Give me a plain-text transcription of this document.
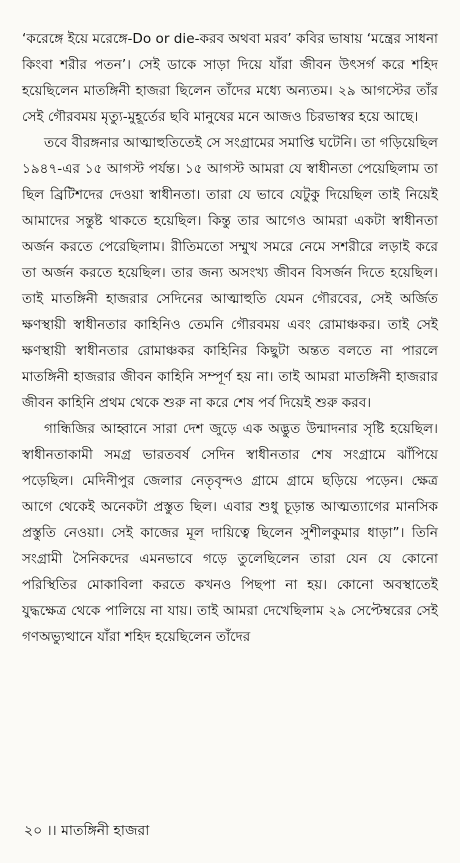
‘করেঙ্গে ইয়ে মরেঙ্গে-Do or die-করব অথবা মরব’ কবির ভাষায় ‘মন্ত্রের সাধনা কিংবা শরীর পতন’। সেই ডাকে সাড়া দিয়ে যাঁরা জীবন উৎসর্গ করে শহিদ হয়েছিলেন মাতঙ্গিনী হাজরা ছিলেন তাঁদের মধ্যে অন্যতম। ২৯ আগস্টের তাঁর সেই গৌরবময় মৃত্যু-মুহূর্তের ছবি মানুষের মনে আজও চিরভাস্বর হয়ে আছে।

তবে বীরঙ্গনার আত্মাহুতিতেই সে সংগ্রামের সমাপ্তি ঘটেনি। তা গড়িয়েছিল ১৯৪৭-এর ১৫ আগস্ট পর্যন্ত। ১৫ আগস্ট আমরা যে স্বাধীনতা পেয়েছিলাম তা ছিল ব্রিটিশদের দেওয়া স্বাধীনতা। তারা যে ভাবে যেটুকু দিয়েছিল তাই নিয়েই আমাদের সন্তুষ্ট থাকতে হয়েছিল। কিন্তু তার আগেও আমরা একটা স্বাধীনতা অর্জন করতে পেরেছিলাম। রীতিমতো সম্মুখ সমরে নেমে সশরীরে লড়াই করে তা অর্জন করতে হয়েছিল। তার জন্য অসংখ্য জীবন বিসর্জন দিতে হয়েছিল। তাই মাতঙ্গিনী হাজরার সেদিনের আত্মাহুতি যেমন গৌরবের, সেই অর্জিত ক্ষণস্থায়ী স্বাধীনতার কাহিনিও তেমনি গৌরবময় এবং রোমাঞ্চকর। তাই সেই ক্ষণস্থায়ী স্বাধীনতার রোমাঞ্চকর কাহিনির কিছুটা অন্তত বলতে না পারলে মাতঙ্গিনী হাজরার জীবন কাহিনি সম্পূর্ণ হয় না। তাই আমরা মাতঙ্গিনী হাজরার জীবন কাহিনি প্রথম থেকে শুরু না করে শেষ পর্ব দিয়েই শুরু করব।

গান্ধিজির আহ্বানে সারা দেশ জুড়ে এক অদ্ভুত উন্মাদনার সৃষ্টি হয়েছিল। স্বাধীনতাকামী সমগ্র ভারতবর্ষ সেদিন স্বাধীনতার শেষ সংগ্রামে ঝাঁপিয়ে পড়েছিল। মেদিনীপুর জেলার নেতৃবৃন্দও গ্রামে গ্রামে ছড়িয়ে পড়েন। ক্ষেত্র আগে থেকেই অনেকটা প্রস্তুত ছিল। এবার শুধু চূড়ান্ত আত্মত্যাগের মানসিক প্রস্তুতি নেওয়া। সেই কাজের মূল দায়িত্বে ছিলেন সুশীলকুমার ধাড়া”। তিনি সংগ্রামী সৈনিকদের এমনভাবে গড়ে তুলেছিলেন তারা যেন যে কোনো পরিস্থিতির মোকাবিলা করতে কখনও পিছপা না হয়। কোনো অবস্থাতেই যুদ্ধক্ষেত্র থেকে পালিয়ে না যায়। তাই আমরা দেখেছিলাম ২৯ সেপ্টেম্বরের সেই গণঅভ্যুত্থানে যাঁরা শহিদ হয়েছিলেন তাঁদের

২০ ।। মাতঙ্গিনী হাজরা
